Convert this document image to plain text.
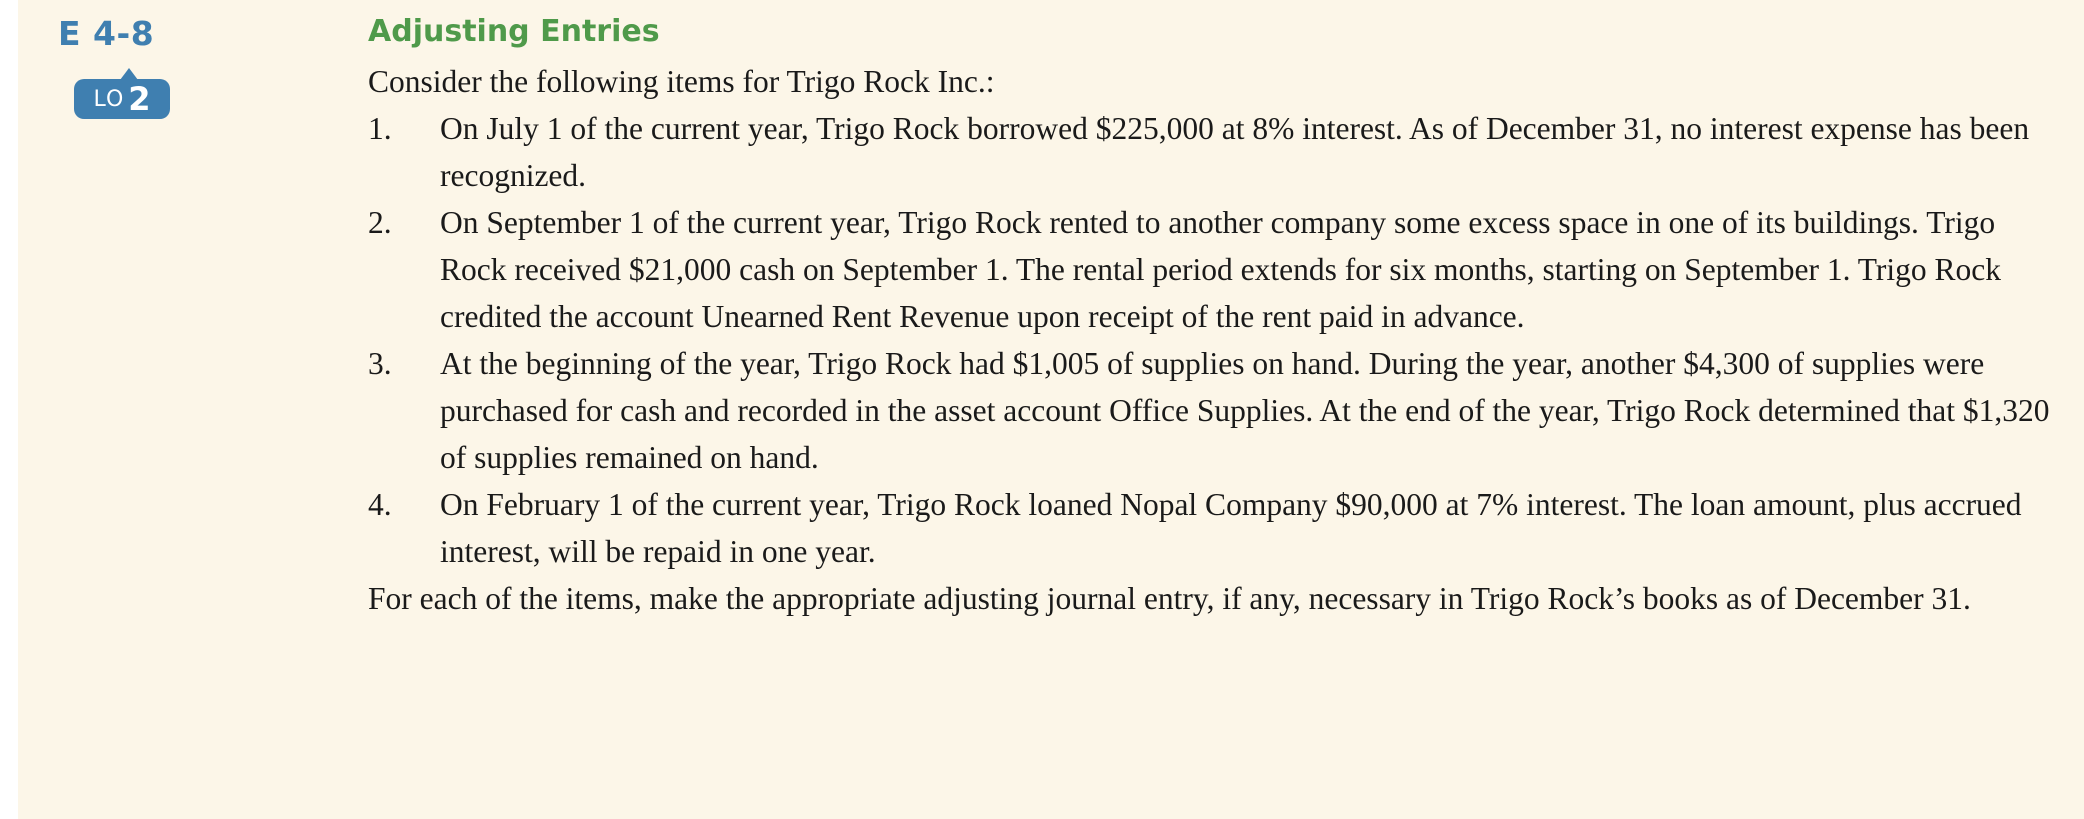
E 4-8
LO 2
Adjusting Entries
Consider the following items for Trigo Rock Inc.:
1. On July 1 of the current year, Trigo Rock borrowed $225,000 at 8% interest. As of December 31, no interest expense has been recognized.
2. On September 1 of the current year, Trigo Rock rented to another company some excess space in one of its buildings. Trigo Rock received $21,000 cash on September 1. The rental period extends for six months, starting on September 1. Trigo Rock credited the account Unearned Rent Revenue upon receipt of the rent paid in advance.
3. At the beginning of the year, Trigo Rock had $1,005 of supplies on hand. During the year, another $4,300 of supplies were purchased for cash and recorded in the asset account Office Supplies. At the end of the year, Trigo Rock determined that $1,320 of supplies remained on hand.
4. On February 1 of the current year, Trigo Rock loaned Nopal Company $90,000 at 7% interest. The loan amount, plus accrued interest, will be repaid in one year.
For each of the items, make the appropriate adjusting journal entry, if any, necessary in Trigo Rock’s books as of December 31.
